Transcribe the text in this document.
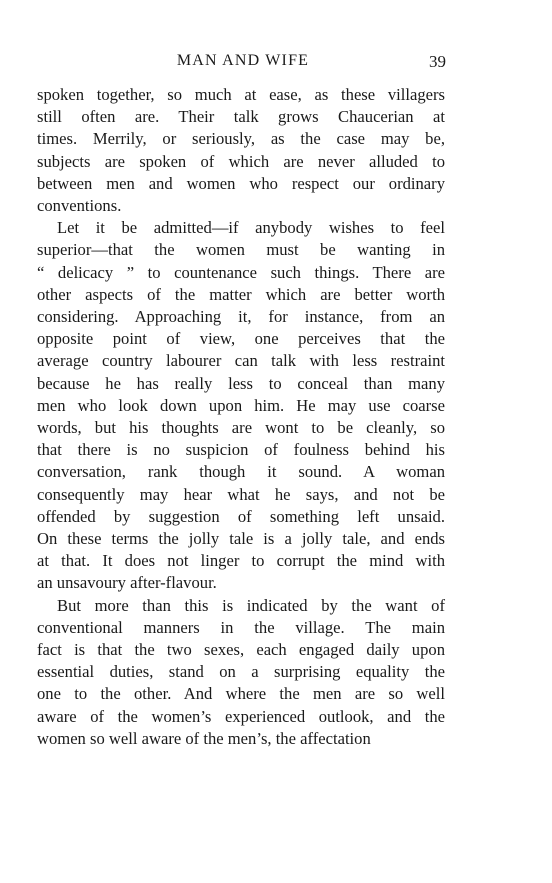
MAN AND WIFE	39

spoken together, so much at ease, as these villagers
still often are. Their talk grows Chaucerian at
times. Merrily, or seriously, as the case may be,
subjects are spoken of which are never alluded to
between men and women who respect our ordinary
conventions.

Let it be admitted—if anybody wishes to feel
superior—that the women must be wanting in
“ delicacy ” to countenance such things. There are
other aspects of the matter which are better worth
considering. Approaching it, for instance, from an
opposite point of view, one perceives that the
average country labourer can talk with less restraint
because he has really less to conceal than many
men who look down upon him. He may use coarse
words, but his thoughts are wont to be cleanly, so
that there is no suspicion of foulness behind his
conversation, rank though it sound. A woman
consequently may hear what he says, and not be
offended by suggestion of something left unsaid.
On these terms the jolly tale is a jolly tale, and ends
at that. It does not linger to corrupt the mind with
an unsavoury after-flavour.

But more than this is indicated by the want of
conventional manners in the village. The main
fact is that the two sexes, each engaged daily upon
essential duties, stand on a surprising equality the
one to the other. And where the men are so well
aware of the women’s experienced outlook, and the
women so well aware of the men’s, the affectation
